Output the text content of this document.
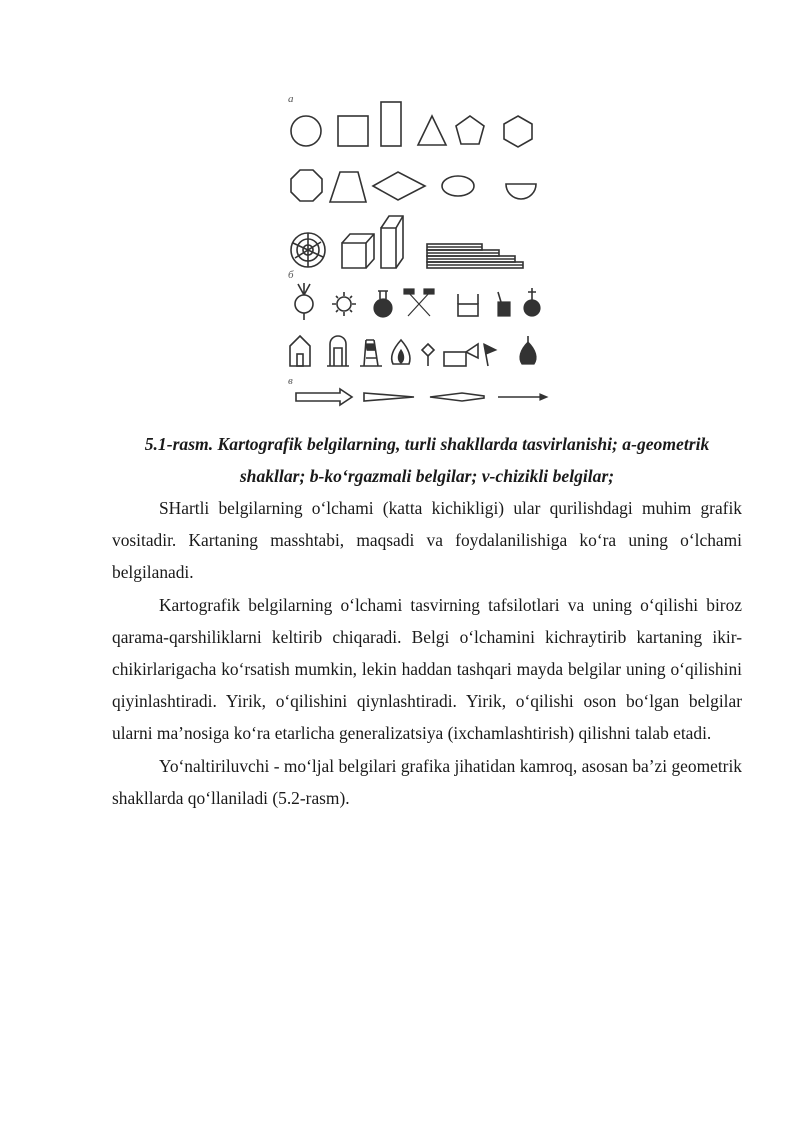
a
б
в

5.1-rasm. Kartografik belgilarning, turli shakllarda tasvirlanishi; a-geometrik shakllar; b-ko‘rgazmali belgilar; v-chizikli belgilar;

SHartli belgilarning o‘lchami (katta kichikligi) ular qurilishdagi muhim grafik vositadir. Kartaning masshtabi, maqsadi va foydalanilishiga ko‘ra uning o‘lchami belgilanadi.

Kartografik belgilarning o‘lchami tasvirning tafsilotlari va uning o‘qilishi biroz qarama-qarshiliklarni keltirib chiqaradi. Belgi o‘lchamini kichraytirib kartaning ikir-chikirlarigacha ko‘rsatish mumkin, lekin haddan tashqari mayda belgilar uning o‘qilishini qiyinlashtiradi. Yirik, o‘qilishini qiynlashtiradi. Yirik, o‘qilishi oson bo‘lgan belgilar ularni ma’nosiga ko‘ra etarlicha generalizatsiya (ixchamlashtirish) qilishni talab etadi.

Yo‘naltiriluvchi - mo‘ljal belgilari grafika jihatidan kamroq, asosan ba’zi geometrik shakllarda qo‘llaniladi (5.2-rasm).
